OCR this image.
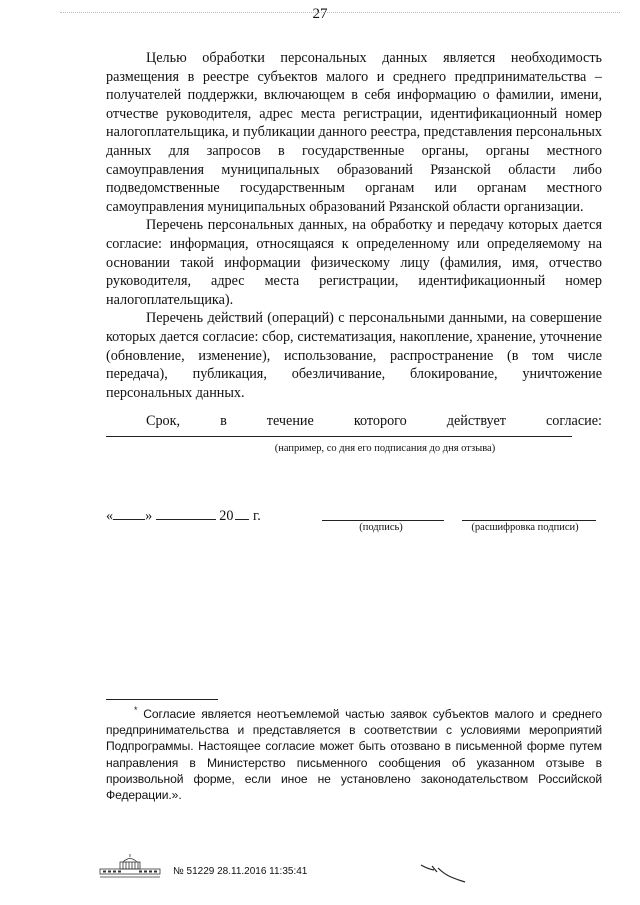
27

Целью обработки персональных данных является необходимость размещения в реестре субъектов малого и среднего предпринимательства – получателей поддержки, включающем в себя информацию о фамилии, имени, отчестве руководителя, адрес места регистрации, идентификационный номер налогоплательщика, и публикации данного реестра, представления персональных данных для запросов в государственные органы, органы местного самоуправления муниципальных образований Рязанской области либо подведомственные государственным органам или органам местного самоуправления муниципальных образований Рязанской области организации.

Перечень персональных данных, на обработку и передачу которых дается согласие: информация, относящаяся к определенному или определяемому на основании такой информации физическому лицу (фамилия, имя, отчество руководителя, адрес места регистрации, идентификационный номер налогоплательщика).

Перечень действий (операций) с персональными данными, на совершение которых дается согласие: сбор, систематизация, накопление, хранение, уточнение (обновление, изменение), использование, распространение (в том числе передача), публикация, обезличивание, блокирование, уничтожение персональных данных.

Срок,	в	течение	которого	действует	согласие:
(например, со дня его подписания до дня отзыва)
« »	20 г.
(подпись)	(расшифровка подписи)
* Согласие является неотъемлемой частью заявок субъектов малого и среднего предпринимательства и представляется в соответствии с условиями мероприятий Подпрограммы. Настоящее согласие может быть отозвано в письменной форме путем направления в Министерство письменного сообщения об указанном отзыве в произвольной форме, если иное не установлено законодательством Российской Федерации.».
№ 51229 28.11.2016 11:35:41
